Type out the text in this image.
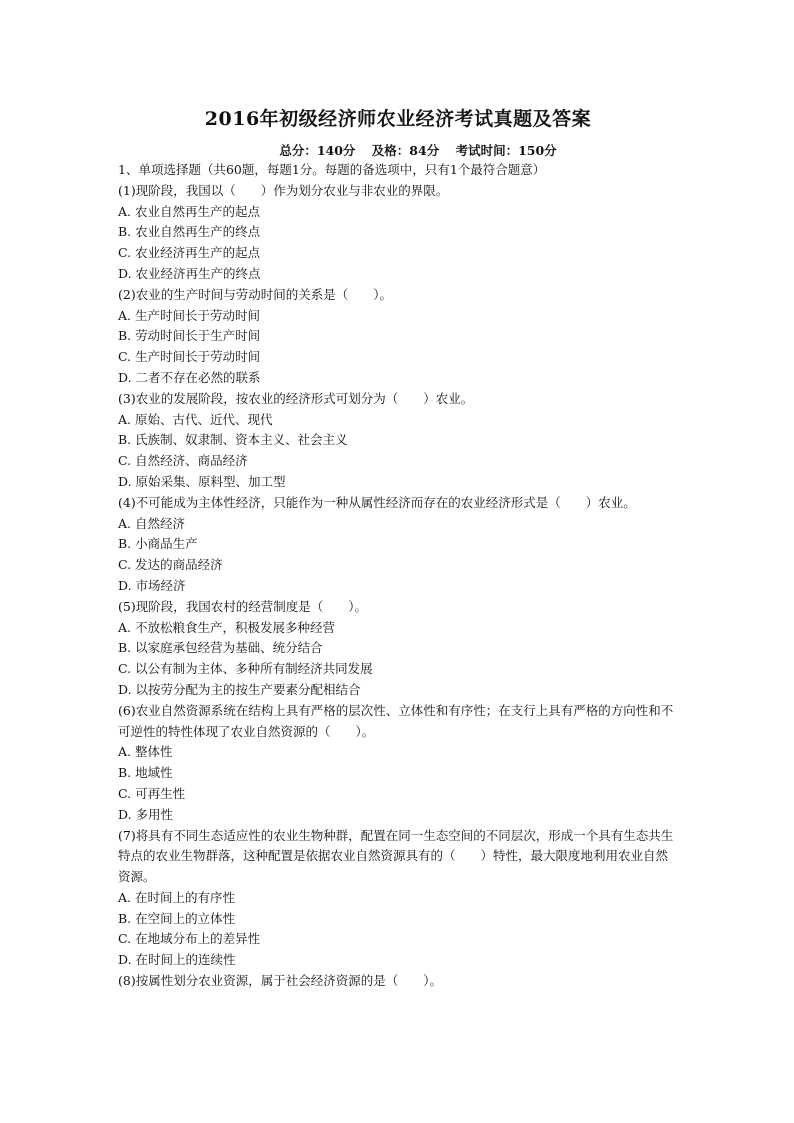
2016年初级经济师农业经济考试真题及答案
总分：140分 及格：84分 考试时间：150分
1、单项选择题（共60题，每题1分。每题的备选项中，只有1个最符合题意）
(1)现阶段，我国以（　　）作为划分农业与非农业的界限。
A. 农业自然再生产的起点
B. 农业自然再生产的终点
C. 农业经济再生产的起点
D. 农业经济再生产的终点
(2)农业的生产时间与劳动时间的关系是（　　）。
A. 生产时间长于劳动时间
B. 劳动时间长于生产时间
C. 生产时间长于劳动时间
D. 二者不存在必然的联系
(3)农业的发展阶段，按农业的经济形式可划分为（　　）农业。
A. 原始、古代、近代、现代
B. 氏族制、奴隶制、资本主义、社会主义
C. 自然经济、商品经济
D. 原始采集、原料型、加工型
(4)不可能成为主体性经济，只能作为一种从属性经济而存在的农业经济形式是（　　）农业。
A. 自然经济
B. 小商品生产
C. 发达的商品经济
D. 市场经济
(5)现阶段，我国农村的经营制度是（　　）。
A. 不放松粮食生产，积极发展多种经营
B. 以家庭承包经营为基础、统分结合
C. 以公有制为主体、多种所有制经济共同发展
D. 以按劳分配为主的按生产要素分配相结合
(6)农业自然资源系统在结构上具有严格的层次性、立体性和有序性；在支行上具有严格的方向性和不可逆性的特性体现了农业自然资源的（　　）。
A. 整体性
B. 地域性
C. 可再生性
D. 多用性
(7)将具有不同生态适应性的农业生物种群，配置在同一生态空间的不同层次，形成一个具有生态共生特点的农业生物群落，这种配置是依据农业自然资源具有的（　　）特性，最大限度地利用农业自然资源。
A. 在时间上的有序性
B. 在空间上的立体性
C. 在地域分布上的差异性
D. 在时间上的连续性
(8)按属性划分农业资源，属于社会经济资源的是（　　）。
